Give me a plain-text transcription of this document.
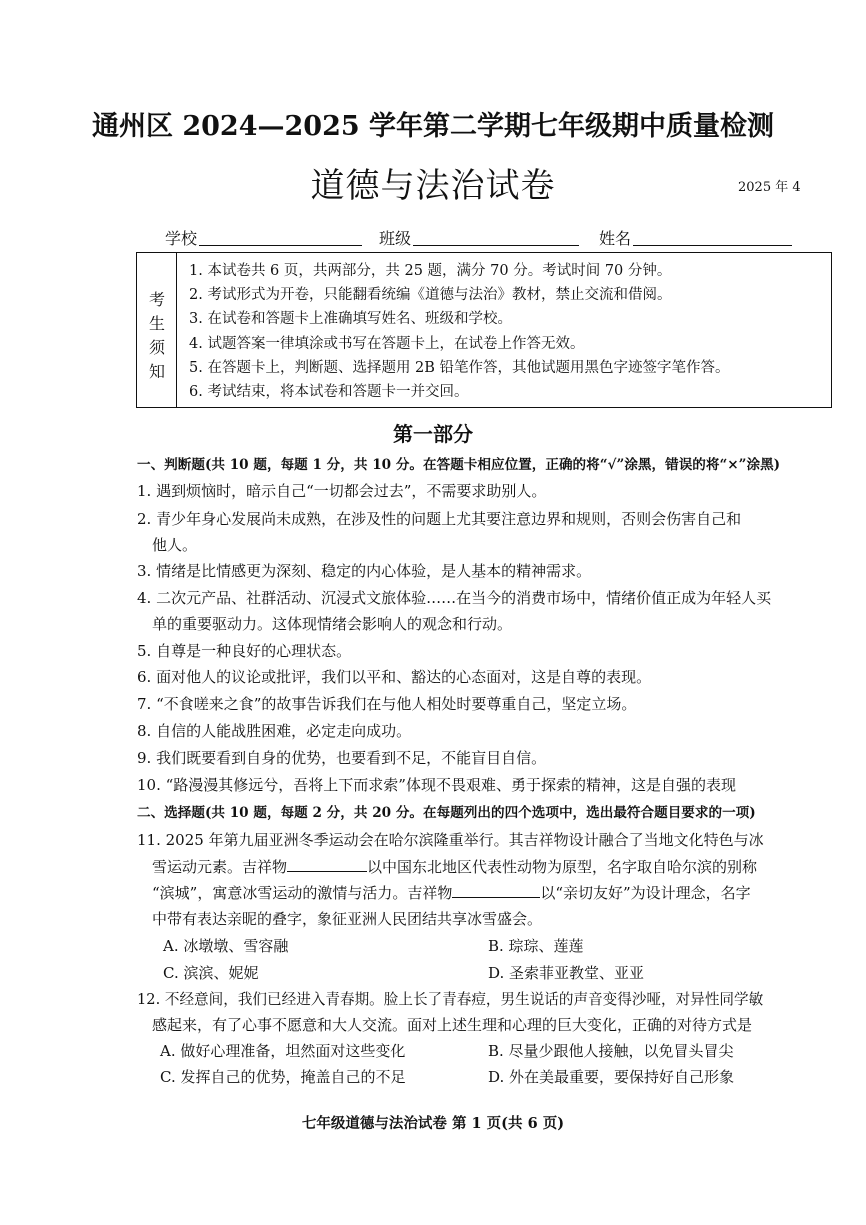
通州区 2024—2025 学年第二学期七年级期中质量检测
道德与法治试卷	2025 年 4
学校	班级	姓名
考
生
须
知
1. 本试卷共 6 页，共两部分，共 25 题，满分 70 分。考试时间 70 分钟。
2. 考试形式为开卷，只能翻看统编《道德与法治》教材，禁止交流和借阅。
3. 在试卷和答题卡上准确填写姓名、班级和学校。
4. 试题答案一律填涂或书写在答题卡上，在试卷上作答无效。
5. 在答题卡上，判断题、选择题用 2B 铅笔作答，其他试题用黑色字迹签字笔作答。
6. 考试结束，将本试卷和答题卡一并交回。
第一部分
一、判断题(共 10 题，每题 1 分，共 10 分。在答题卡相应位置，正确的将“√”涂黑，错误的将“×”涂黑)
1. 遇到烦恼时，暗示自己“一切都会过去”，不需要求助别人。
2. 青少年身心发展尚未成熟，在涉及性的问题上尤其要注意边界和规则，否则会伤害自己和
他人。
3. 情绪是比情感更为深刻、稳定的内心体验，是人基本的精神需求。
4. 二次元产品、社群活动、沉浸式文旅体验……在当今的消费市场中，情绪价值正成为年轻人买
单的重要驱动力。这体现情绪会影响人的观念和行动。
5. 自尊是一种良好的心理状态。
6. 面对他人的议论或批评，我们以平和、豁达的心态面对，这是自尊的表现。
7. “不食嗟来之食”的故事告诉我们在与他人相处时要尊重自己，坚定立场。
8. 自信的人能战胜困难，必定走向成功。
9. 我们既要看到自身的优势，也要看到不足，不能盲目自信。
10. “路漫漫其修远兮，吾将上下而求索”体现不畏艰难、勇于探索的精神，这是自强的表现
二、选择题(共 10 题，每题 2 分，共 20 分。在每题列出的四个选项中，选出最符合题目要求的一项)
11. 2025 年第九届亚洲冬季运动会在哈尔滨隆重举行。其吉祥物设计融合了当地文化特色与冰
雪运动元素。吉祥物	以中国东北地区代表性动物为原型，名字取自哈尔滨的别称
“滨城”，寓意冰雪运动的激情与活力。吉祥物	以“亲切友好”为设计理念，名字
中带有表达亲昵的叠字，象征亚洲人民团结共享冰雪盛会。
A. 冰墩墩、雪容融	B. 琮琮、莲莲
C. 滨滨、妮妮	D. 圣索菲亚教堂、亚亚
12. 不经意间，我们已经进入青春期。脸上长了青春痘，男生说话的声音变得沙哑，对异性同学敏
感起来，有了心事不愿意和大人交流。面对上述生理和心理的巨大变化，正确的对待方式是
A. 做好心理准备，坦然面对这些变化	B. 尽量少跟他人接触，以免冒头冒尖
C. 发挥自己的优势，掩盖自己的不足	D. 外在美最重要，要保持好自己形象
七年级道德与法治试卷 第 1 页(共 6 页)
